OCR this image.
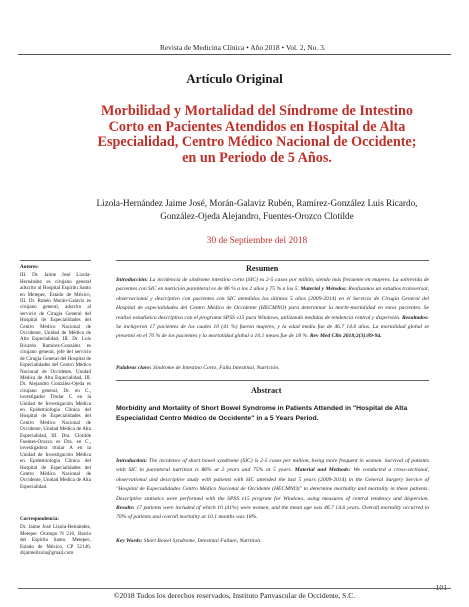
Revista de Medicina Clínica • Año 2018 • Vol. 2, No. 3.
Artículo Original
Morbilidad y Mortalidad del Síndrome de Intestino Corto en Pacientes Atendidos en Hospital de Alta Especialidad, Centro Médico Nacional de Occidente; en un Periodo de 5 Años.
Lizola-Hernández Jaime José, Morán-Galaviz Rubén, Ramírez-González Luis Ricardo, González-Ojeda Alejandro, Fuentes-Orozco Clotilde
30 de Septiembre del 2018
Resumen

Introducción: La incidencia de síndrome intestino corto (SIC) es 2-5 casos por millón, siendo más frecuente en mujeres. La sobrevida de pacientes con SIC en nutrición parenteral es de 86 % a los 2 años y 75 % a los 5. Material y Métodos: Realizamos un estudios transversal, observacional y descriptivo con pacientes con SIC atendidos los últimos 5 años (2009-2014) en el Servicio de Cirugía General del Hospital de especialidades del Centro Médico de Occidente (HECMNO) para determinar la morbi-mortalidad en estos pacientes. Se realizó estadística descriptiva con el programa SPSS v15 para Windows, utilizando medidas de tendencia central y dispersión. Resultados: Se incluyeron 17 pacientes de los cuales 10 (41 %) fueron mujeres, y la edad media fue de 46.7 14.6 años. La mortalidad global se presentó en el 70 % de los pacientes y la mortalidad global a 10.1 meses fue de 18 %. Rev Med Clin 2018;2(3):89-94.

Palabras clave: Síndrome de Intestino Corto, Falla Intestinal, Nutrición.

Abstract
Morbidity and Mortality of Short Bowel Syndrome in Patients Attended in "Hospital de Alta Especialidad Centro Médico de Occidente" in a 5 Years Period.

Introduction: The incidence of short bowel syndrome (SIC) is 2-5 cases per million, being more frequent in women. Survival of patients with SIC in parenteral nutrition is 86% at 2 years and 75% at 5 years. Material and Methods: We conducted a cross-sectional, observational and descriptive study with patients with SIC attended the last 5 years (2009-2014) in the General Surgery Service of "Hospital de Especialidades Centro Médico Nacional de Occidente (HECMNO)" to determine morbidity and mortality in these patients. Descriptive statistics were performed with the SPSS v15 program for Windows, using measures of central tendency and dispersion. Results: 17 patients were included of which 10 (41%) were women, and the mean age was 46.7 14.6 years. Overall mortality occurred in 70% of patients and overall mortality at 10.1 months was 18%.

Key Words: Short Bowel Syndrome, Intestinal Failure, Nutrition.

Autores:
III. Dr. Jaime José Lizola-Hernández es cirujano general adscrito al Hospital Espíritu Santo en Metepec, Estado de México, III. Dr. Rubén Morán-Galaviz es cirujano general, adscrito al servicio de Cirugía General del Hospital de Especialidades del Centro Médico Nacional de Occidente, Unidad de Médica de Alta Especialidad, III. Dr. Luis Ricardo Ramírez-González es cirujano general, jefe del servicio de Cirugía General del Hospital de Especialidades del Centro Médico Nacional de Occidente, Unidad Médica de Alta Especialidad, III. Dr. Alejandro González-Ojeda es cirujano general, Dr. en C., investigador Titular C en la Unidad de Investigación Médica en Epidemiología Clínica del Hospital de Especialidades del Centro Médico Nacional de Occidente, Unidad Médica de Alta Especialidad, III. Dra. Clotilde Fuentes-Orozco es Dra. en C., investigadora titular A en la Unidad de Investigación Médica en Epidemiología Clínica del Hospital de Especialidades del Centro Médico Nacional de Occidente, Unidad Médica de Alta Especialidad.
Correspondencia:
Dr. Jaime José Lizola-Hernández, Metepec Ocampo N 216, Barrio del Espíritu Santo, Metepec, Estado de México, CP 52140, drjaimelizola@gmail.com
101
©2018 Todos los derechos reservados, Instituto Panvascular de Occidente, S.C.
